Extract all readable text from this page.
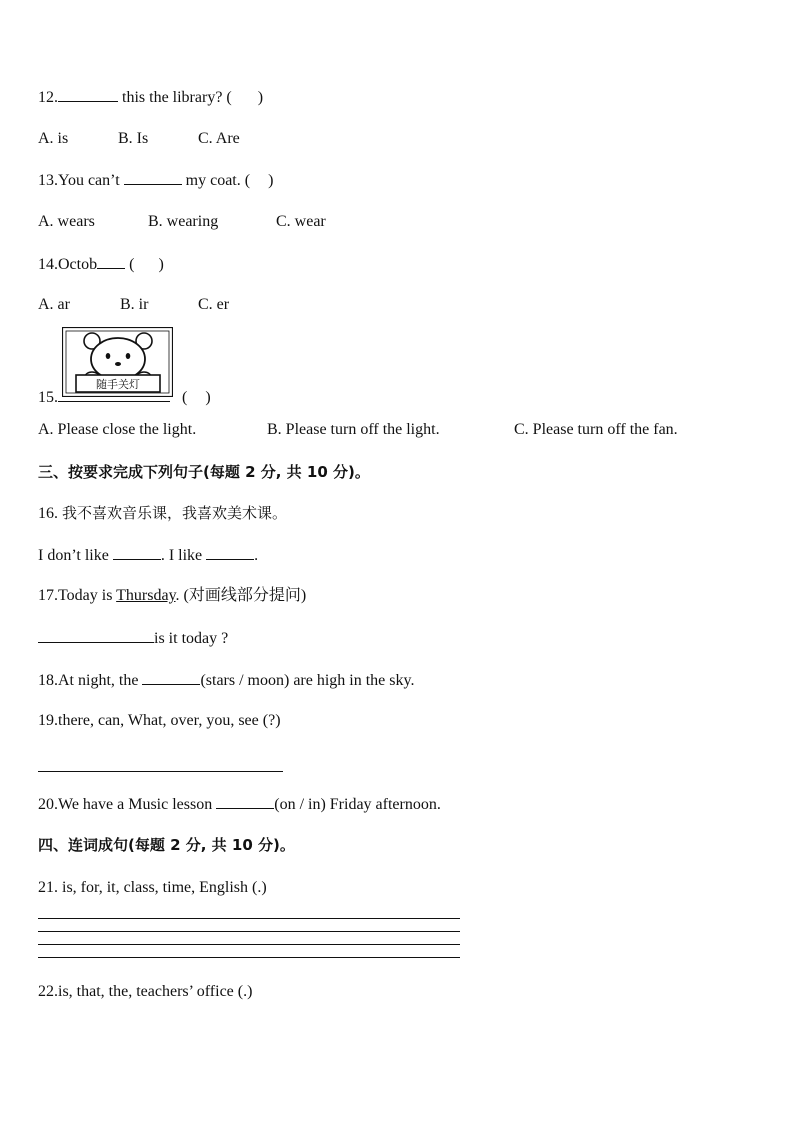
12.	this the library? ( )
A. is	B. Is	C. Are
13.You can’t	my coat. ( )
A. wears	B. wearing	C. wear
14.Octob ( )
A. ar	B. ir	C. er
随手关灯
15.	( )
A. Please close the light.	B. Please turn off the light.	C. Please turn off the fan.
三、按要求完成下列句子(每题 2 分, 共 10 分)。
16. 我不喜欢音乐课，我喜欢美术课。
I don’t like	. I like	.
17.Today is Thursday. (对画线部分提问)
is it today ?
18.At night, the	(stars / moon) are high in the sky.
19.there, can, What, over, you, see (?)
20.We have a Music lesson	(on / in) Friday afternoon.
四、连词成句(每题 2 分, 共 10 分)。
21. is, for, it, class, time, English (.)
22.is, that, the, teachers’ office (.)
